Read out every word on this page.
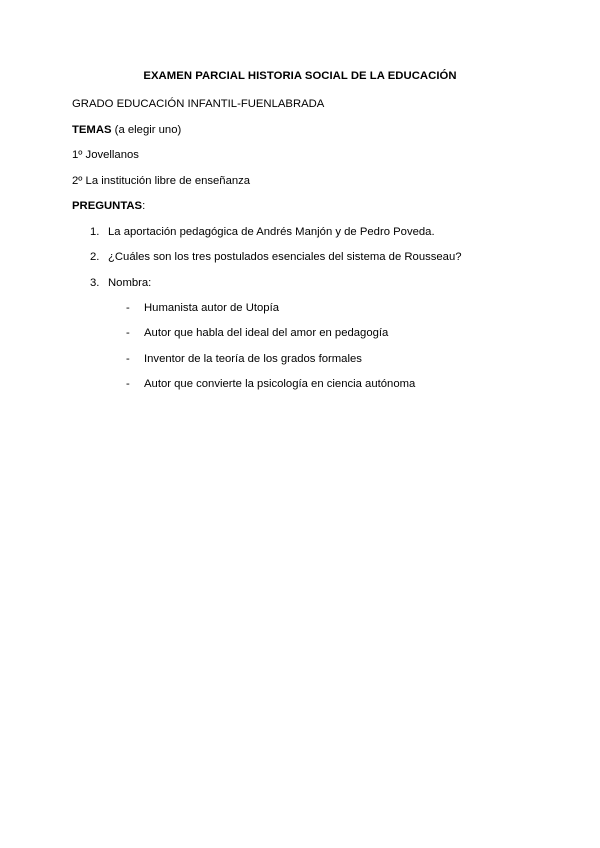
EXAMEN PARCIAL HISTORIA SOCIAL DE LA EDUCACIÓN
GRADO EDUCACIÓN INFANTIL-FUENLABRADA
TEMAS (a elegir uno)
1º Jovellanos
2º La institución libre de enseñanza
PREGUNTAS:
1. La aportación pedagógica de Andrés Manjón y de Pedro Poveda.
2. ¿Cuáles son los tres postulados esenciales del sistema de Rousseau?
3. Nombra:
- Humanista autor de Utopía
- Autor que habla del ideal del amor en pedagogía
- Inventor de la teoría de los grados formales
- Autor que convierte la psicología en ciencia autónoma
